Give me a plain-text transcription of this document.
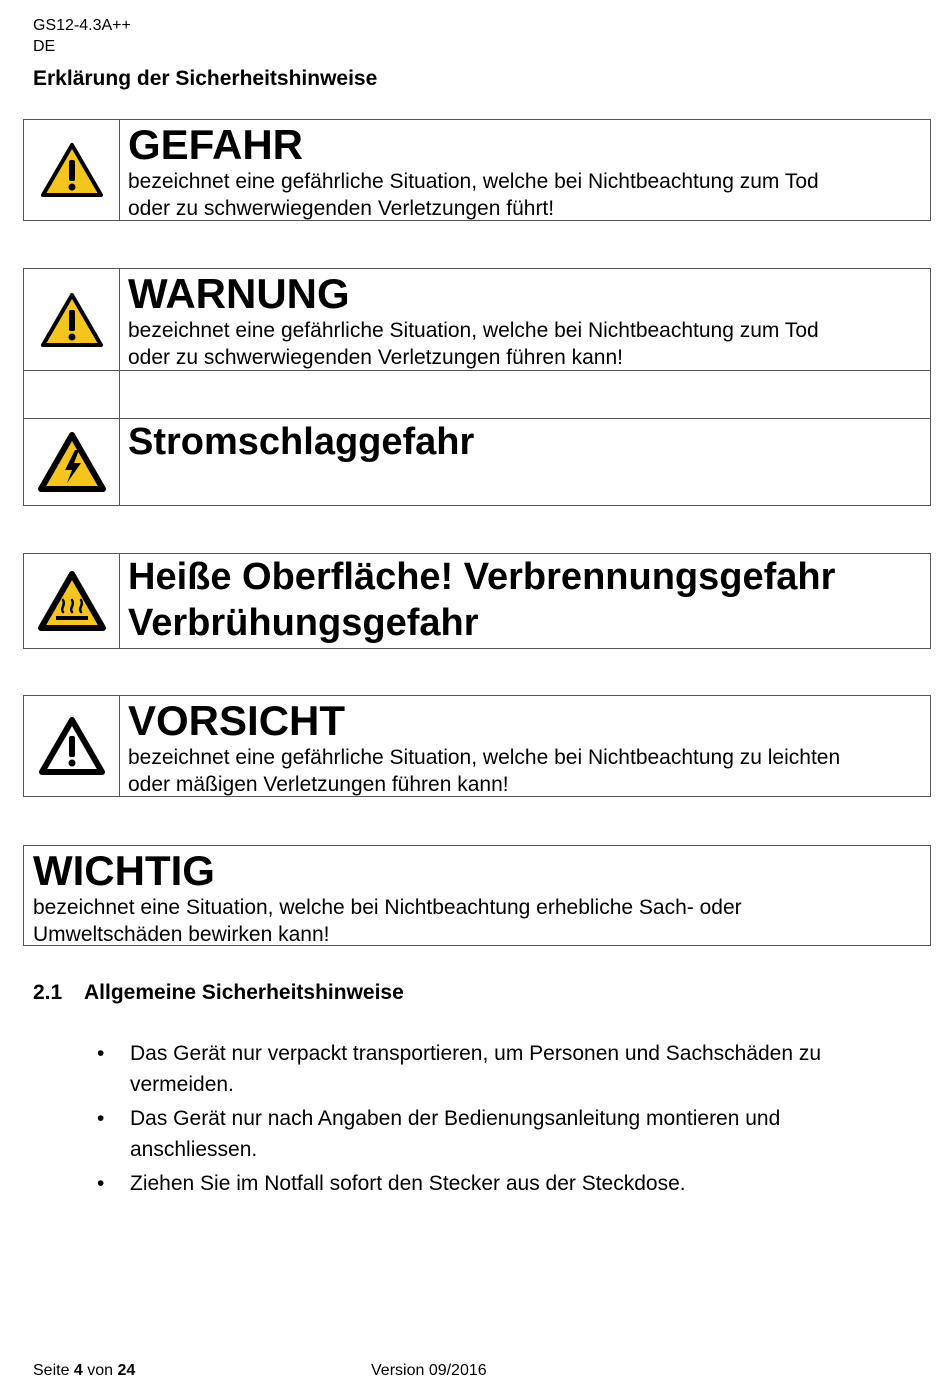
GS12-4.3A++
DE
Erklärung der Sicherheitshinweise
GEFAHR
bezeichnet eine gefährliche Situation, welche bei Nichtbeachtung zum Tod
oder zu schwerwiegenden Verletzungen führt!
WARNUNG
bezeichnet eine gefährliche Situation, welche bei Nichtbeachtung zum Tod
oder zu schwerwiegenden Verletzungen führen kann!
Stromschlaggefahr
Heiße Oberfläche! Verbrennungsgefahr
Verbrühungsgefahr
VORSICHT
bezeichnet eine gefährliche Situation, welche bei Nichtbeachtung zu leichten
oder mäßigen Verletzungen führen kann!
WICHTIG
bezeichnet eine Situation, welche bei Nichtbeachtung erhebliche Sach- oder
Umweltschäden bewirken kann!
2.1 Allgemeine Sicherheitshinweise
• Das Gerät nur verpackt transportieren, um Personen und Sachschäden zu vermeiden.
• Das Gerät nur nach Angaben der Bedienungsanleitung montieren und anschliessen.
• Ziehen Sie im Notfall sofort den Stecker aus der Steckdose.
Seite 4 von 24	Version 09/2016
